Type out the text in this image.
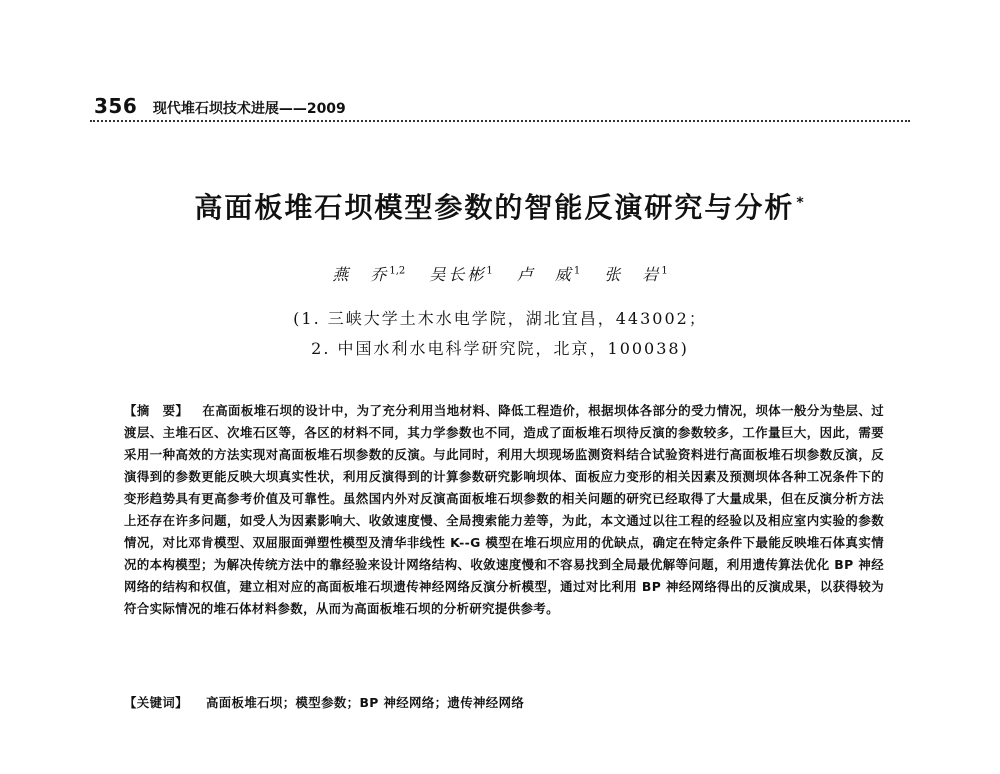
356 现代堆石坝技术进展——2009
高面板堆石坝模型参数的智能反演研究与分析 *
燕　乔$^{1,2}$ 吴长彬$^1$ 卢　威$^1$ 张　岩$^1$
(1. 三峡大学土木水电学院，湖北宜昌，443002；
2. 中国水利水电科学研究院，北京，100038)
【摘　要】 在高面板堆石坝的设计中，为了充分利用当地材料、降低工程造价，根据坝体各部分的受力情况，坝体一般分为垫层、过渡层、主堆石区、次堆石区等，各区的材料不同，其力学参数也不同，造成了面板堆石坝待反演的参数较多，工作量巨大，因此，需要采用一种高效的方法实现对高面板堆石坝参数的反演。与此同时，利用大坝现场监测资料结合试验资料进行高面板堆石坝参数反演，反演得到的参数更能反映大坝真实性状，利用反演得到的计算参数研究影响坝体、面板应力变形的相关因素及预测坝体各种工况条件下的变形趋势具有更高参考价值及可靠性。虽然国内外对反演高面板堆石坝参数的相关问题的研究已经取得了大量成果，但在反演分析方法上还存在许多问题，如受人为因素影响大、收敛速度慢、全局搜索能力差等，为此，本文通过以往工程的经验以及相应室内实验的参数情况，对比邓肯模型、双屈服面弹塑性模型及清华非线性 K--G 模型在堆石坝应用的优缺点，确定在特定条件下最能反映堆石体真实情况的本构模型；为解决传统方法中的靠经验来设计网络结构、收敛速度慢和不容易找到全局最优解等问题，利用遗传算法优化 BP 神经网络的结构和权值，建立相对应的高面板堆石坝遗传神经网络反演分析模型，通过对比利用 BP 神经网络得出的反演成果，以获得较为符合实际情况的堆石体材料参数，从而为高面板堆石坝的分析研究提供参考。
【关键词】 高面板堆石坝；模型参数；BP 神经网络；遗传神经网络
